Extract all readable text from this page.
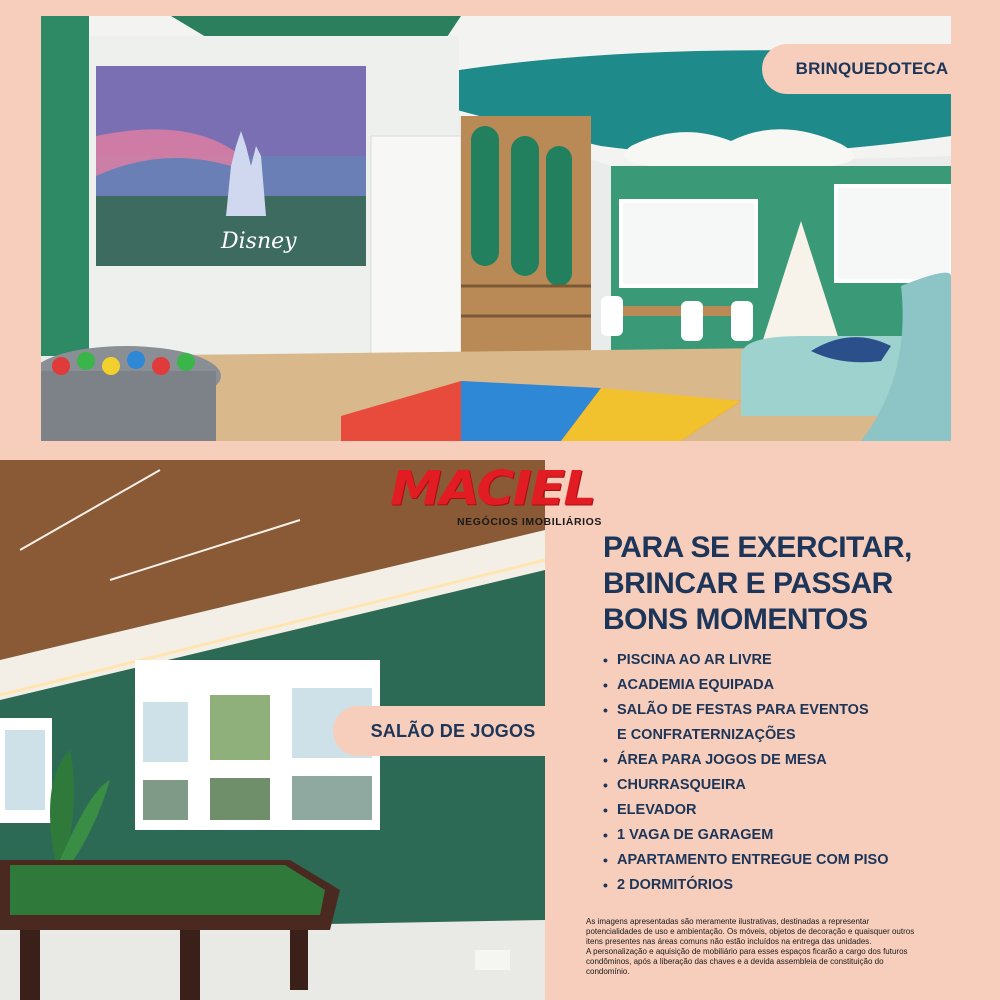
Disney
BRINQUEDOTECA
SALÃO DE JOGOS
MACIEL
NEGÓCIOS IMOBILIÁRIOS
PARA SE EXERCITAR,
BRINCAR E PASSAR
BONS MOMENTOS
• PISCINA AO AR LIVRE
• ACADEMIA EQUIPADA
• SALÃO DE FESTAS PARA EVENTOS
E CONFRATERNIZAÇÕES
• ÁREA PARA JOGOS DE MESA
• CHURRASQUEIRA
• ELEVADOR
• 1 VAGA DE GARAGEM
• APARTAMENTO ENTREGUE COM PISO
• 2 DORMITÓRIOS
As imagens apresentadas são meramente ilustrativas, destinadas a representar
potencialidades de uso e ambientação. Os móveis, objetos de decoração e quaisquer outros
itens presentes nas áreas comuns não estão incluídos na entrega das unidades.
A personalização e aquisição de mobiliário para esses espaços ficarão a cargo dos futuros
condôminos, após a liberação das chaves e a devida assembleia de constituição do
condomínio.
